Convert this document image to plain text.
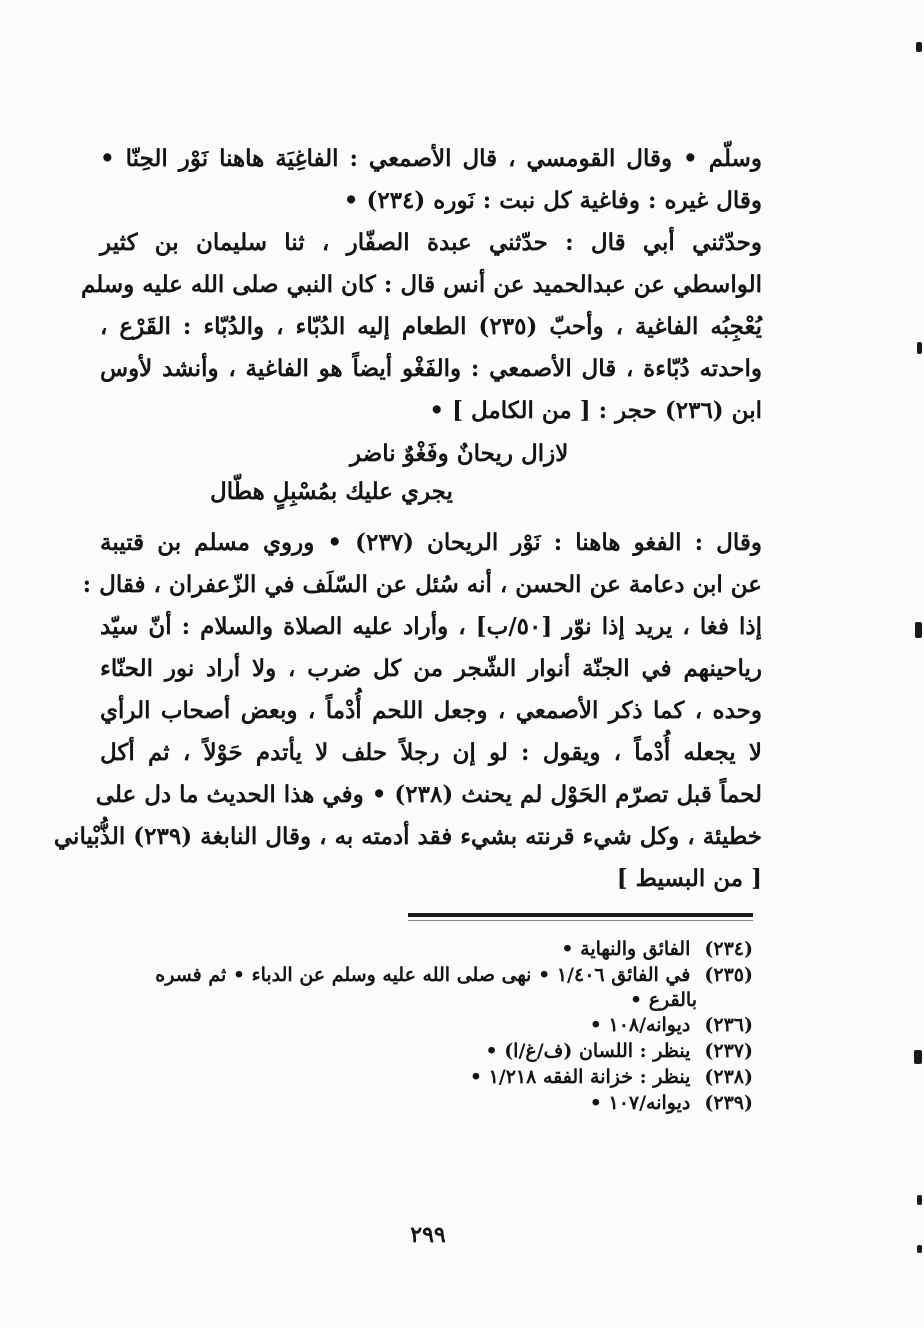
وسلّم • وقال القومسي ، قال الأصمعي : الفاغِيَة هاهنا نَوْر الحِنّا •
وقال غيره : وفاغية كل نبت : نَوره (٢٣٤) •
وحدّثني أبي قال : حدّثني عبدة الصفّار ، ثنا سليمان بن كثير
الواسطي عن عبدالحميد عن أنس قال : كان النبي صلى الله عليه وسلم
يُعْجِبُه الفاغية ، وأحبّ (٢٣٥) الطعام إليه الدُبّاء ، والدُبّاء : القَرْع ،
واحدته دُبّاءة ، قال الأصمعي : والفَغْو أيضاً هو الفاغية ، وأنشد لأوس
ابن (٢٣٦) حجر : [ من الكامل ] •
لازال ريحانٌ وفَغْوٌ ناضر
يجري عليك بمُسْبِلٍ هطّال
وقال : الفغو هاهنا : نَوْر الريحان (٢٣٧) • وروي مسلم بن قتيبة
عن ابن دعامة عن الحسن ، أنه سُئل عن السّلَف في الزّعفران ، فقال :
إذا فغا ، يريد إذا نوّر [٥٠/ب] ، وأراد عليه الصلاة والسلام : أنّ سيّد
رياحينهم في الجنّة أنوار الشّجر من كل ضرب ، ولا أراد نور الحنّاء
وحده ، كما ذكر الأصمعي ، وجعل اللحم أُدْماً ، وبعض أصحاب الرأي
لا يجعله أُدْماً ، ويقول : لو إن رجلاً حلف لا يأتدم حَوْلاً ، ثم أكل
لحماً قبل تصرّم الحَوْل لم يحنث (٢٣٨) • وفي هذا الحديث ما دل على
خطيئة ، وكل شيء قرنته بشيء فقد أدمته به ، وقال النابغة (٢٣٩) الذُّبْياني
[ من البسيط ]
(٢٣٤) الفائق والنهاية •
(٢٣٥) في الفائق ١/٤٠٦ • نهى صلى الله عليه وسلم عن الدباء • ثم فسره
بالقرع •
(٢٣٦) ديوانه/١٠٨ •
(٢٣٧) ينظر : اللسان (ف/غ/ا) •
(٢٣٨) ينظر : خزانة الفقه ١/٢١٨ •
(٢٣٩) ديوانه/١٠٧ •
٢٩٩
